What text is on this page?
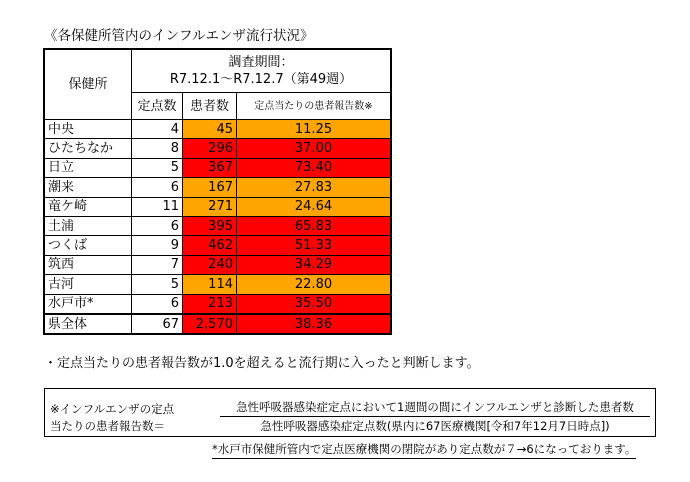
《各保健所管内のインフルエンザ流行状況》
保健所	調査期間：
R7.12.1～R7.12.7（第49週）		

	定点数	患者数	定点当たりの患者報告数※
中央	4	45	11.25
ひたちなか	8	296	37.00
日立	5	367	73.40
潮来	6	167	27.83
竜ケ崎	11	271	24.64
土浦	6	395	65.83
つくば	9	462	51.33
筑西	7	240	34.29
古河	5	114	22.80
水戸市*	6	213	35.50
県全体	67	2,570	38.36
・定点当たりの患者報告数が1.0を超えると流行期に入ったと判断します。
※インフルエンザの定点
当たりの患者報告数＝
急性呼吸器感染症定点において1週間の間にインフルエンザと診断した患者数
急性呼吸器感染症定点数(県内に67医療機関[令和7年12月7日時点])
*水戸市保健所管内で定点医療機関の閉院があり定点数が７→6になっております。
